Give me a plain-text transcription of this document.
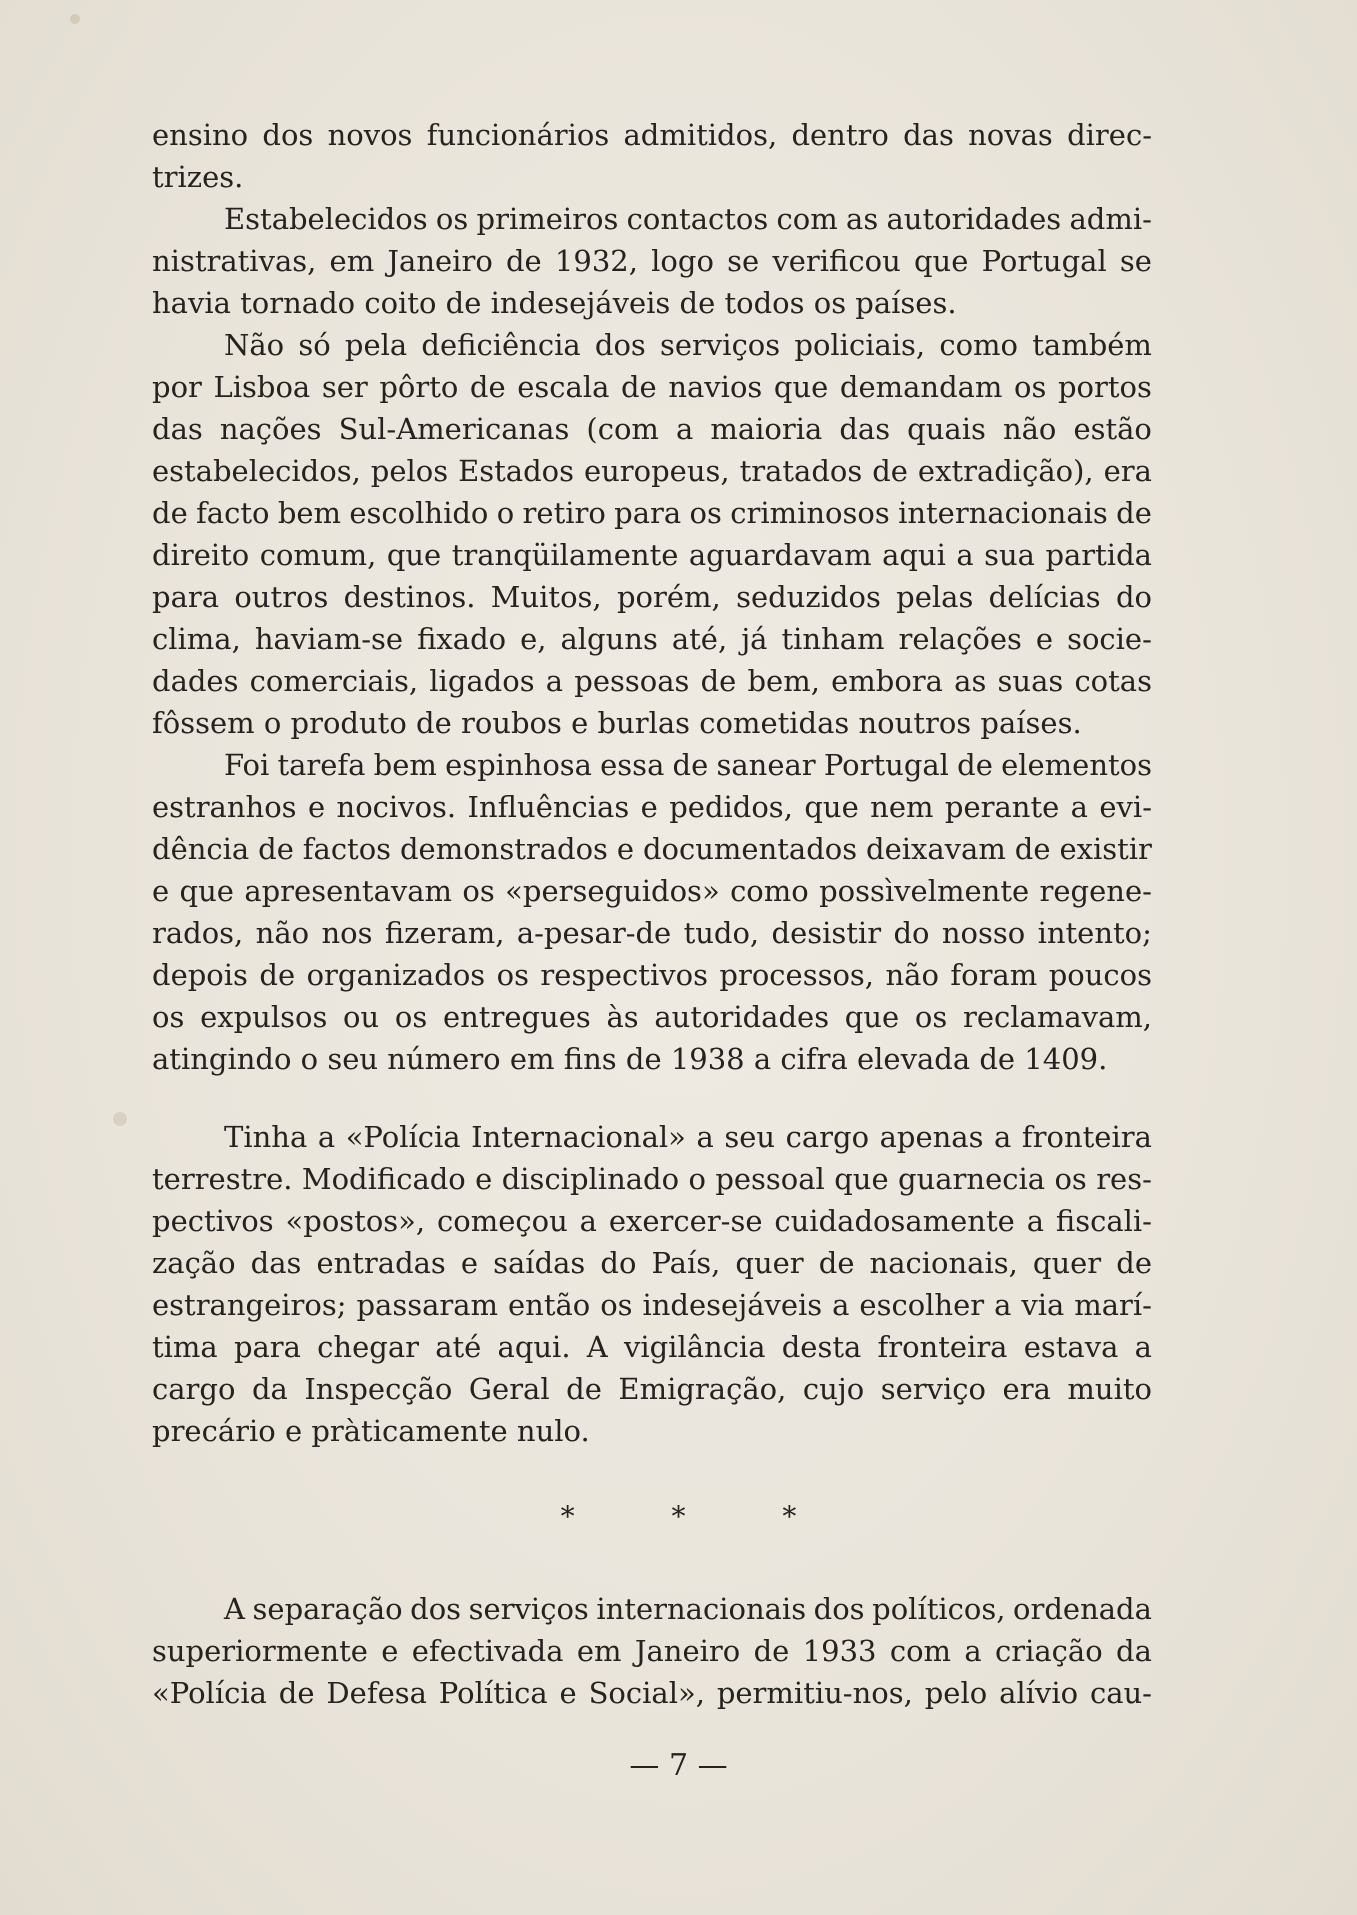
ensino dos novos funcionários admitidos, dentro das novas direc-
trizes.
Estabelecidos os primeiros contactos com as autoridades admi-
nistrativas, em Janeiro de 1932, logo se verificou que Portugal se
havia tornado coito de indesejáveis de todos os países.
Não só pela deficiência dos serviços policiais, como também
por Lisboa ser pôrto de escala de navios que demandam os portos
das nações Sul-Americanas (com a maioria das quais não estão
estabelecidos, pelos Estados europeus, tratados de extradição), era
de facto bem escolhido o retiro para os criminosos internacionais de
direito comum, que tranqüilamente aguardavam aqui a sua partida
para outros destinos. Muitos, porém, seduzidos pelas delícias do
clima, haviam-se fixado e, alguns até, já tinham relações e socie-
dades comerciais, ligados a pessoas de bem, embora as suas cotas
fôssem o produto de roubos e burlas cometidas noutros países.
Foi tarefa bem espinhosa essa de sanear Portugal de elementos
estranhos e nocivos. Influências e pedidos, que nem perante a evi-
dência de factos demonstrados e documentados deixavam de existir
e que apresentavam os «perseguidos» como possìvelmente regene-
rados, não nos fizeram, a-pesar-de tudo, desistir do nosso intento;
depois de organizados os respectivos processos, não foram poucos
os expulsos ou os entregues às autoridades que os reclamavam,
atingindo o seu número em fins de 1938 a cifra elevada de 1409.
Tinha a «Polícia Internacional» a seu cargo apenas a fronteira
terrestre. Modificado e disciplinado o pessoal que guarnecia os res-
pectivos «postos», começou a exercer-se cuidadosamente a fiscali-
zação das entradas e saídas do País, quer de nacionais, quer de
estrangeiros; passaram então os indesejáveis a escolher a via marí-
tima para chegar até aqui. A vigilância desta fronteira estava a
cargo da Inspecção Geral de Emigração, cujo serviço era muito
precário e pràticamente nulo.
A separação dos serviços internacionais dos políticos, ordenada
superiormente e efectivada em Janeiro de 1933 com a criação da
«Polícia de Defesa Política e Social», permitiu-nos, pelo alívio cau-
* * *
— 7 —
